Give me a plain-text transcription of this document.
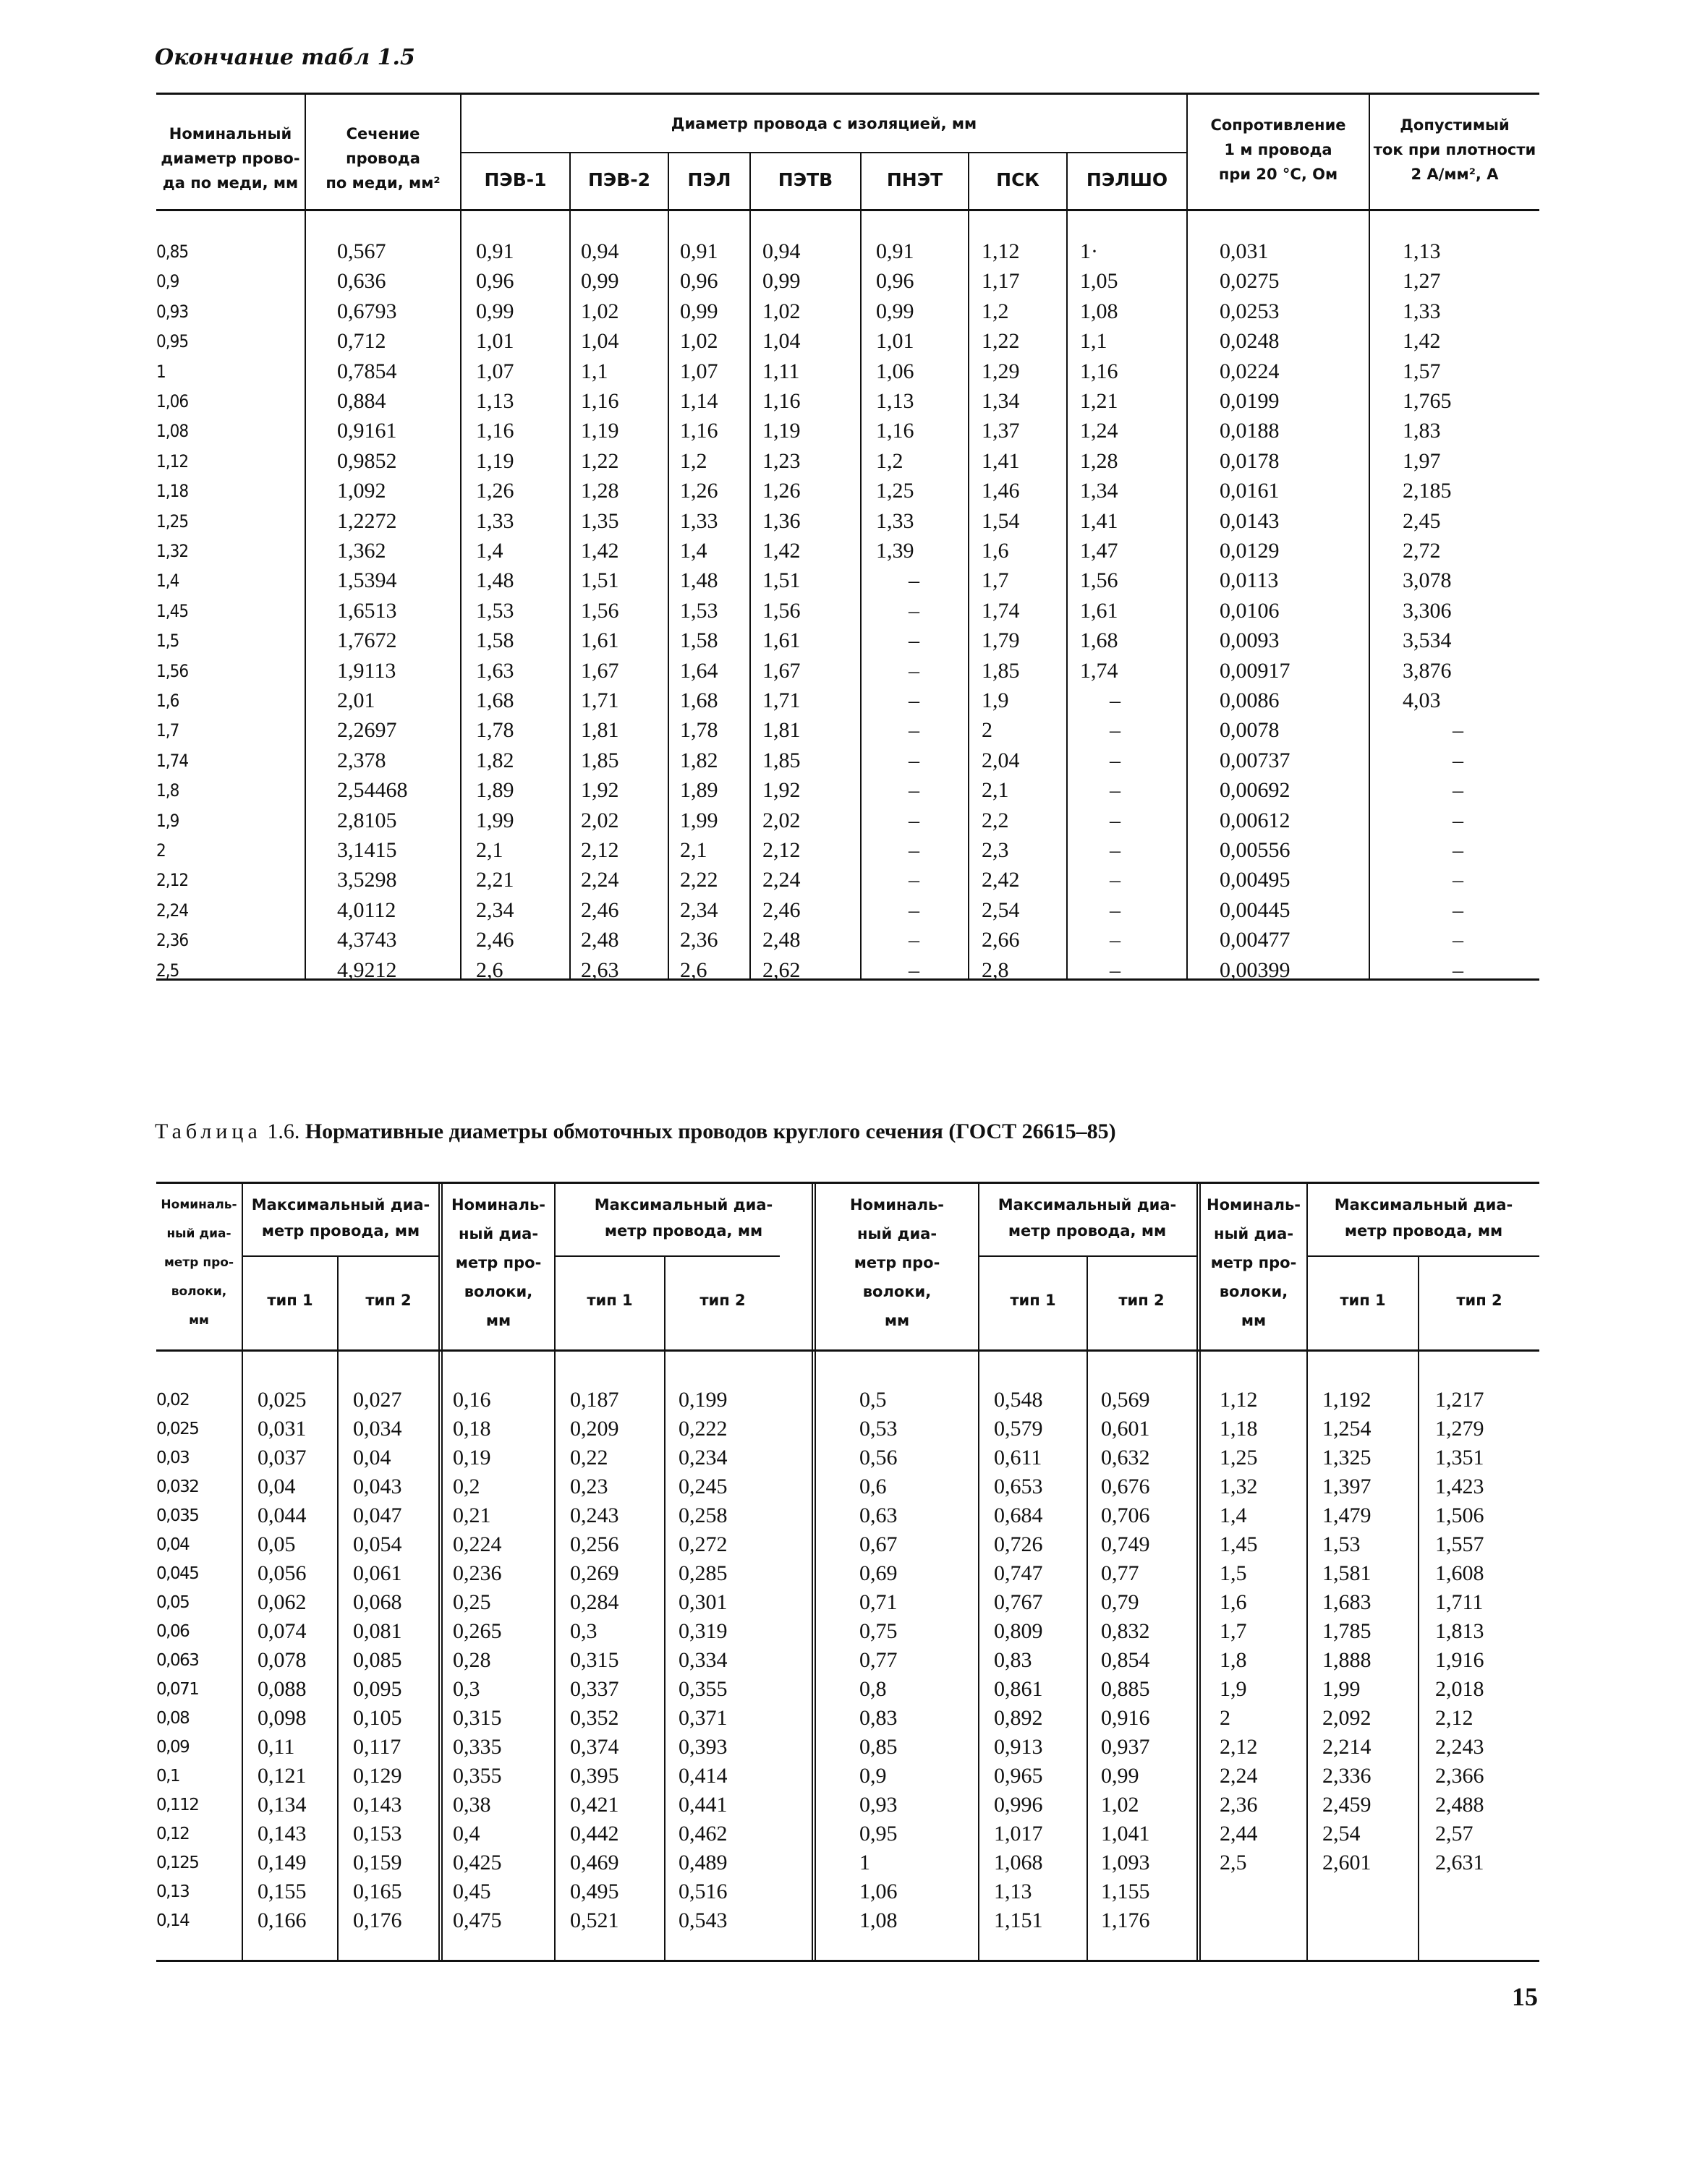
Окончание табл 1.5
Номинальный
диаметр прово-
да по меди, мм
Сечение
провода
по меди, мм²
Диаметр провода с изоляцией, мм
ПЭВ-1	ПЭВ-2	ПЭЛ	ПЭТВ	ПНЭТ	ПСК	ПЭЛШО
Сопротивление
1 м провода
при 20 °С, Ом
Допустимый
ток при плотности
2 А/мм², А
0,85	0,567	0,91	0,94	0,91 0,94	0,91	1,12	1·	0,031	1,13
0,9	0,636	0,96	0,99	0,96 0,99	0,96	1,17	1,05	0,0275	1,27
0,93	0,6793	0,99	1,02	0,99 1,02	0,99	1,2	1,08	0,0253	1,33
0,95	0,712	1,01	1,04	1,02 1,04	1,01	1,22	1,1	0,0248	1,42
1	0,7854	1,07	1,1	1,07 1,11	1,06	1,29	1,16	0,0224	1,57
1,06	0,884	1,13	1,16	1,14 1,16	1,13	1,34	1,21	0,0199	1,765
1,08	0,9161	1,16	1,19	1,16 1,19	1,16	1,37	1,24	0,0188	1,83
1,12	0,9852	1,19	1,22	1,2	1,23	1,2	1,41	1,28	0,0178	1,97
1,18	1,092	1,26	1,28	1,26 1,26	1,25	1,46	1,34	0,0161	2,185
1,25	1,2272	1,33	1,35	1,33 1,36	1,33	1,54	1,41	0,0143	2,45
1,32	1,362	1,4	1,42	1,4	1,42	1,39	1,6	1,47	0,0129	2,72
1,4	1,5394	1,48	1,51	1,48 1,51	–	1,7	1,56	0,0113	3,078
1,45	1,6513	1,53	1,56	1,53 1,56	–	1,74	1,61	0,0106	3,306
1,5	1,7672	1,58	1,61	1,58 1,61	–	1,79	1,68	0,0093	3,534
1,56	1,9113	1,63	1,67	1,64 1,67	–	1,85	1,74	0,00917	3,876
1,6	2,01	1,68	1,71	1,68 1,71	–	1,9	–	0,0086	4,03
1,7	2,2697	1,78	1,81	1,78 1,81	–	2	–	0,0078	–
1,74	2,378	1,82	1,85	1,82 1,85	–	2,04	–	0,00737	–
1,8	2,54468	1,89	1,92	1,89 1,92	–	2,1	–	0,00692	–
1,9	2,8105	1,99	2,02	1,99 2,02	–	2,2	–	0,00612	–
2	3,1415	2,1	2,12	2,1	2,12	–	2,3	–	0,00556	–
2,12	3,5298	2,21	2,24	2,22 2,24	–	2,42	–	0,00495	–
2,24	4,0112	2,34	2,46	2,34 2,46	–	2,54	–	0,00445	–
2,36	4,3743	2,46	2,48	2,36 2,48	–	2,66	–	0,00477	–
2,5	4,9212	2,6	2,63	2,6	2,62	–	2,8	–	0,00399	–
Таблица 1.6. Нормативные диаметры обмоточных проводов круглого сечения (ГОСТ 26615–85)
Номиналь-
ный диа-
метр про-
волоки,
мм
Максимальный диа-
метр провода, мм
тип 1	тип 2
Номиналь-
ный диа-
метр про-
волоки,
мм
Максимальный диа-
метр провода, мм
тип 1	тип 2
Номиналь-
ный диа-
метр про-
волоки,
мм
Максимальный диа-
метр провода, мм
тип 1	тип 2
Номиналь-
ный диа-
метр про-
волоки,
мм
Максимальный диа-
метр провода, мм
тип 1	тип 2
0,02	0,025 0,027
0,025	0,031 0,034
0,03	0,037 0,04
0,032	0,04	0,043
0,035	0,044 0,047
0,04	0,05	0,054
0,045	0,056 0,061
0,05	0,062 0,068
0,06	0,074 0,081
0,063	0,078 0,085
0,071	0,088 0,095
0,08	0,098 0,105
0,09	0,11	0,117
0,1	0,121 0,129
0,112	0,134 0,143
0,12	0,143 0,153
0,125	0,149 0,159
0,13	0,155 0,165
0,14	0,166 0,176
0,16	0,187	0,199
0,18	0,209	0,222
0,19	0,22	0,234
0,2	0,23	0,245
0,21	0,243	0,258
0,224	0,256	0,272
0,236	0,269	0,285
0,25	0,284	0,301
0,265	0,3	0,319
0,28	0,315	0,334
0,3	0,337	0,355
0,315	0,352	0,371
0,335	0,374	0,393
0,355	0,395	0,414
0,38	0,421	0,441
0,4	0,442	0,462
0,425	0,469	0,489
0,45	0,495	0,516
0,475	0,521	0,543
0,5	0,548	0,569
0,53	0,579	0,601
0,56	0,611	0,632
0,6	0,653	0,676
0,63	0,684	0,706
0,67	0,726	0,749
0,69	0,747	0,77
0,71	0,767	0,79
0,75	0,809	0,832
0,77	0,83	0,854
0,8	0,861	0,885
0,83	0,892	0,916
0,85	0,913	0,937
0,9	0,965	0,99
0,93	0,996	1,02
0,95	1,017	1,041
1	1,068	1,093
1,06	1,13	1,155
1,08	1,151	1,176
1,12	1,192	1,217
1,18	1,254	1,279
1,25	1,325	1,351
1,32	1,397	1,423
1,4	1,479	1,506
1,45	1,53	1,557
1,5	1,581	1,608
1,6	1,683	1,711
1,7	1,785	1,813
1,8	1,888	1,916
1,9	1,99	2,018
2	2,092	2,12
2,12	2,214	2,243
2,24	2,336	2,366
2,36	2,459	2,488
2,44	2,54	2,57
2,5	2,601	2,631
15
